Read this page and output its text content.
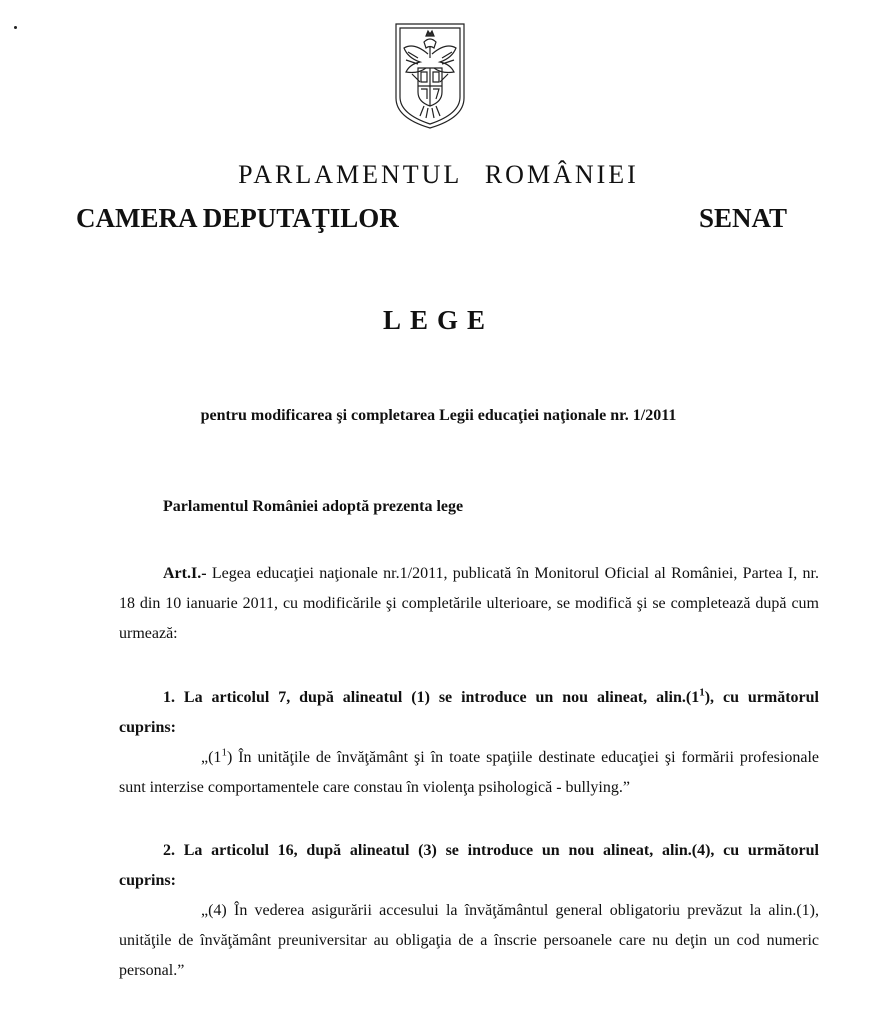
PARLAMENTUL ROMÂNIEI
CAMERA DEPUTAŢILOR	SENAT
LEGE
pentru modificarea şi completarea Legii educaţiei naţionale nr. 1/2011
Parlamentul României adoptă prezenta lege
Art.I.- Legea educaţiei naţionale nr.1/2011, publicată în Monitorul Oficial al României, Partea I, nr. 18 din 10 ianuarie 2011, cu modificările şi completările ulterioare, se modifică şi se completează după cum urmează:
1. La articolul 7, după alineatul (1) se introduce un nou alineat, $alin.(1^1)$, cu următorul cuprins:
$„(1^1)$ În unităţile de învăţământ şi în toate spaţiile destinate educaţiei şi formării profesionale sunt interzise comportamentele care constau în violenţa psihologică - bullying.”
2. La articolul 16, după alineatul (3) se introduce un nou alineat, alin.(4), cu următorul cuprins:
„(4) În vederea asigurării accesului la învăţământul general obligatoriu prevăzut la alin.(1), unităţile de învăţământ preuniversitar au obligaţia de a înscrie persoanele care nu deţin un cod numeric personal.”
